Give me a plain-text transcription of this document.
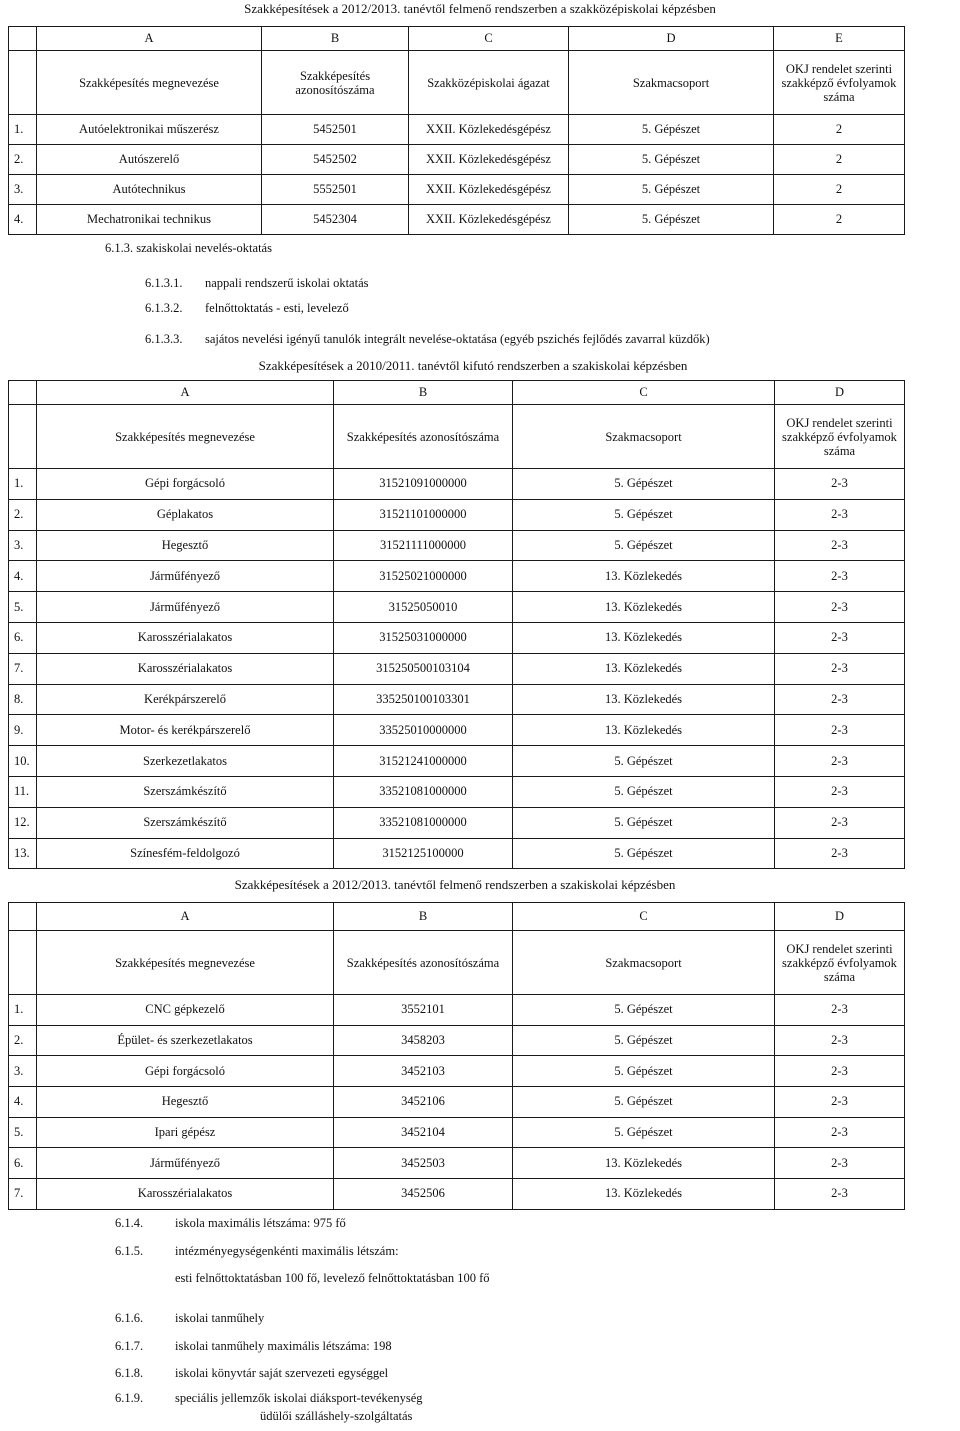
Szakképesítések a 2012/2013. tanévtől felmenő rendszerben a szakközépiskolai képzésben
	A	B	C	D	E
	Szakképesítés megnevezése	Szakképesítés azonosítószáma	Szakközépiskolai ágazat	Szakmacsoport	OKJ rendelet szerinti szakképző évfolyamok száma
1.	Autóelektronikai műszerész	5452501	XXII. Közlekedésgépész	5. Gépészet	2
2.	Autószerelő	5452502	XXII. Közlekedésgépész	5. Gépészet	2
3.	Autótechnikus	5552501	XXII. Közlekedésgépész	5. Gépészet	2
4.	Mechatronikai technikus	5452304	XXII. Közlekedésgépész	5. Gépészet	2
6.1.3. szakiskolai nevelés-oktatás
6.1.3.1. nappali rendszerű iskolai oktatás
6.1.3.2. felnőttoktatás - esti, levelező
6.1.3.3. sajátos nevelési igényű tanulók integrált nevelése-oktatása (egyéb pszichés fejlődés zavarral küzdők)
Szakképesítések a 2010/2011. tanévtől kifutó rendszerben a szakiskolai képzésben
	A	B	C	D
	Szakképesítés megnevezése	Szakképesítés azonosítószáma	Szakmacsoport	OKJ rendelet szerinti szakképző évfolyamok száma
1.	Gépi forgácsoló	31521091000000	5. Gépészet	2-3
2.	Géplakatos	31521101000000	5. Gépészet	2-3
3.	Hegesztő	31521111000000	5. Gépészet	2-3
4.	Járműfényező	31525021000000	13. Közlekedés	2-3
5.	Járműfényező	31525050010	13. Közlekedés	2-3
6.	Karosszérialakatos	31525031000000	13. Közlekedés	2-3
7.	Karosszérialakatos	315250500103104	13. Közlekedés	2-3
8.	Kerékpárszerelő	335250100103301	13. Közlekedés	2-3
9.	Motor- és kerékpárszerelő	33525010000000	13. Közlekedés	2-3
10.	Szerkezetlakatos	31521241000000	5. Gépészet	2-3
11.	Szerszámkészítő	33521081000000	5. Gépészet	2-3
12.	Szerszámkészítő	33521081000000	5. Gépészet	2-3
13.	Színesfém-feldolgozó	3152125100000	5. Gépészet	2-3
Szakképesítések a 2012/2013. tanévtől felmenő rendszerben a szakiskolai képzésben
	A	B	C	D
	Szakképesítés megnevezése	Szakképesítés azonosítószáma	Szakmacsoport	OKJ rendelet szerinti szakképző évfolyamok száma
1.	CNC gépkezelő	3552101	5. Gépészet	2-3
2.	Épület- és szerkezetlakatos	3458203	5. Gépészet	2-3
3.	Gépi forgácsoló	3452103	5. Gépészet	2-3
4.	Hegesztő	3452106	5. Gépészet	2-3
5.	Ipari gépész	3452104	5. Gépészet	2-3
6.	Járműfényező	3452503	13. Közlekedés	2-3
7.	Karosszérialakatos	3452506	13. Közlekedés	2-3
6.1.4.	iskola maximális létszáma: 975 fő
6.1.5.	intézményegységenkénti maximális létszám:
esti felnőttoktatásban 100 fő, levelező felnőttoktatásban 100 fő
6.1.6.	iskolai tanműhely
6.1.7.	iskolai tanműhely maximális létszáma: 198
6.1.8.	iskolai könyvtár saját szervezeti egységgel
6.1.9.	speciális jellemzők iskolai diáksport-tevékenység
üdülői szálláshely-szolgáltatás
